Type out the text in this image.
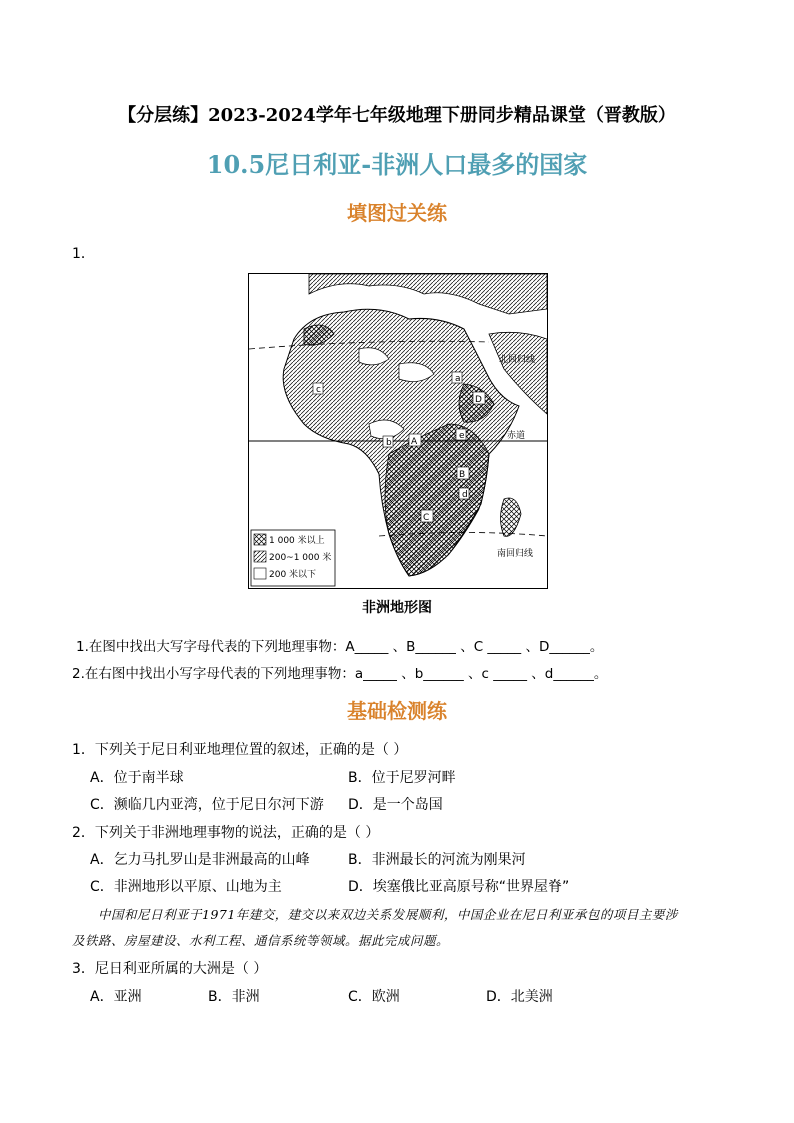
【分层练】2023-2024学年七年级地理下册同步精品课堂（晋教版）
10.5尼日利亚-非洲人口最多的国家
填图过关练
1．
北回归线
赤道
南回归线
c
a
D
b A
e
B
d
C
1 000 米以上
200~1 000 米
200 米以下
非洲地形图
1.在图中找出大写字母代表的下列地理事物：A_____ 、B______ 、C _____ 、D______。
2.在右图中找出小写字母代表的下列地理事物：a_____ 、b______ 、c _____ 、d______。
基础检测练
1．下列关于尼日利亚地理位置的叙述，正确的是（ ）
A．位于南半球	B．位于尼罗河畔
C．濒临几内亚湾，位于尼日尔河下游 D．是一个岛国
2．下列关于非洲地理事物的说法，正确的是（ ）
A．乞力马扎罗山是非洲最高的山峰	B．非洲最长的河流为刚果河
C．非洲地形以平原、山地为主	D．埃塞俄比亚高原号称“世界屋脊”
中国和尼日利亚于1971年建交，建交以来双边关系发展顺利，中国企业在尼日利亚承包的项目主要涉
及铁路、房屋建设、水利工程、通信系统等领域。据此完成问题。
3．尼日利亚所属的大洲是（ ）
A．亚洲	B．非洲	C．欧洲	D．北美洲
